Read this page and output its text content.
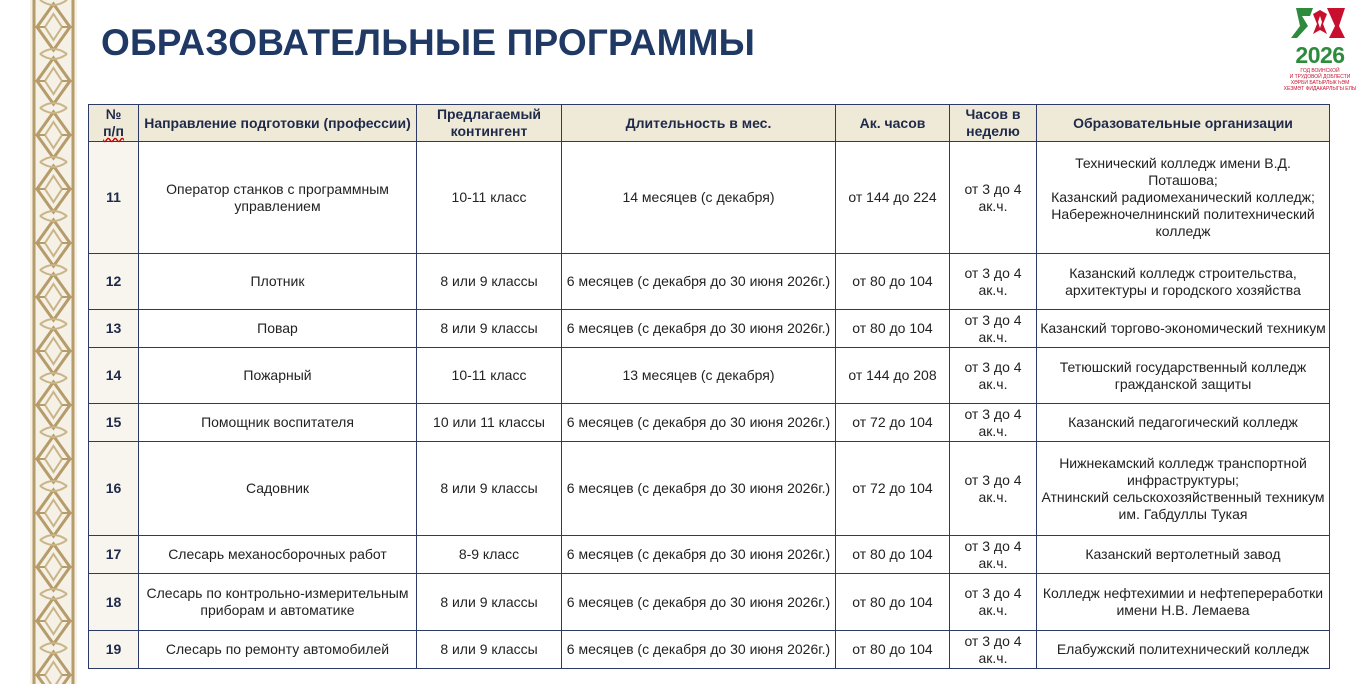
ОБРАЗОВАТЕЛЬНЫЕ ПРОГРАММЫ	2026
ГОД ВОИНСКОЙ
И ТРУДОВОЙ ДОБЛЕСТИ
ХӘРБИ БАТЫРЛЫК ҺӘМ
ХЕЗМӘТ ФИДАКАРЛЫГЫ ЕЛЫ
№
п/п	Направление подготовки (профессии)	Предлагаемый контингент	Длительность в мес.	Ак. часов	Часов в неделю	Образовательные организации
11	Оператор станков с программным управлением	10-11 класс	14 месяцев (с декабря)	от 144 до 224	от 3 до 4 ак.ч.	Технический колледж имени В.Д. Поташова;
Казанский радиомеханический колледж;
Набережночелнинский политехнический колледж

12	Плотник	8 или 9 классы	6 месяцев (с декабря до 30 июня 2026г.)	от 80 до 104	от 3 до 4 ак.ч.	Казанский колледж строительства, архитектуры и городского хозяйства

13	Повар	8 или 9 классы	6 месяцев (с декабря до 30 июня 2026г.)	от 80 до 104	от 3 до 4 ак.ч.	Казанский торгово-экономический техникум

14	Пожарный	10-11 класс	13 месяцев (с декабря)	от 144 до 208	от 3 до 4 ак.ч.	Тетюшский государственный колледж гражданской защиты

15	Помощник воспитателя	10 или 11 классы	6 месяцев (с декабря до 30 июня 2026г.)	от 72 до 104	от 3 до 4 ак.ч.	Казанский педагогический колледж

16	Садовник	8 или 9 классы	6 месяцев (с декабря до 30 июня 2026г.)	от 72 до 104	от 3 до 4 ак.ч.	Нижнекамский колледж транспортной инфраструктуры;
Атнинский сельскохозяйственный техникум им. Габдуллы Тукая

17	Слесарь механосборочных работ	8-9 класс	6 месяцев (с декабря до 30 июня 2026г.)	от 80 до 104	от 3 до 4 ак.ч.	Казанский вертолетный завод

18	Слесарь по контрольно-измерительным приборам и автоматике	8 или 9 классы	6 месяцев (с декабря до 30 июня 2026г.)	от 80 до 104	от 3 до 4 ак.ч.	Колледж нефтехимии и нефтепереработки имени Н.В. Лемаева

19	Слесарь по ремонту автомобилей	8 или 9 классы	6 месяцев (с декабря до 30 июня 2026г.)	от 80 до 104	от 3 до 4 ак.ч.	Елабужский политехнический колледж
